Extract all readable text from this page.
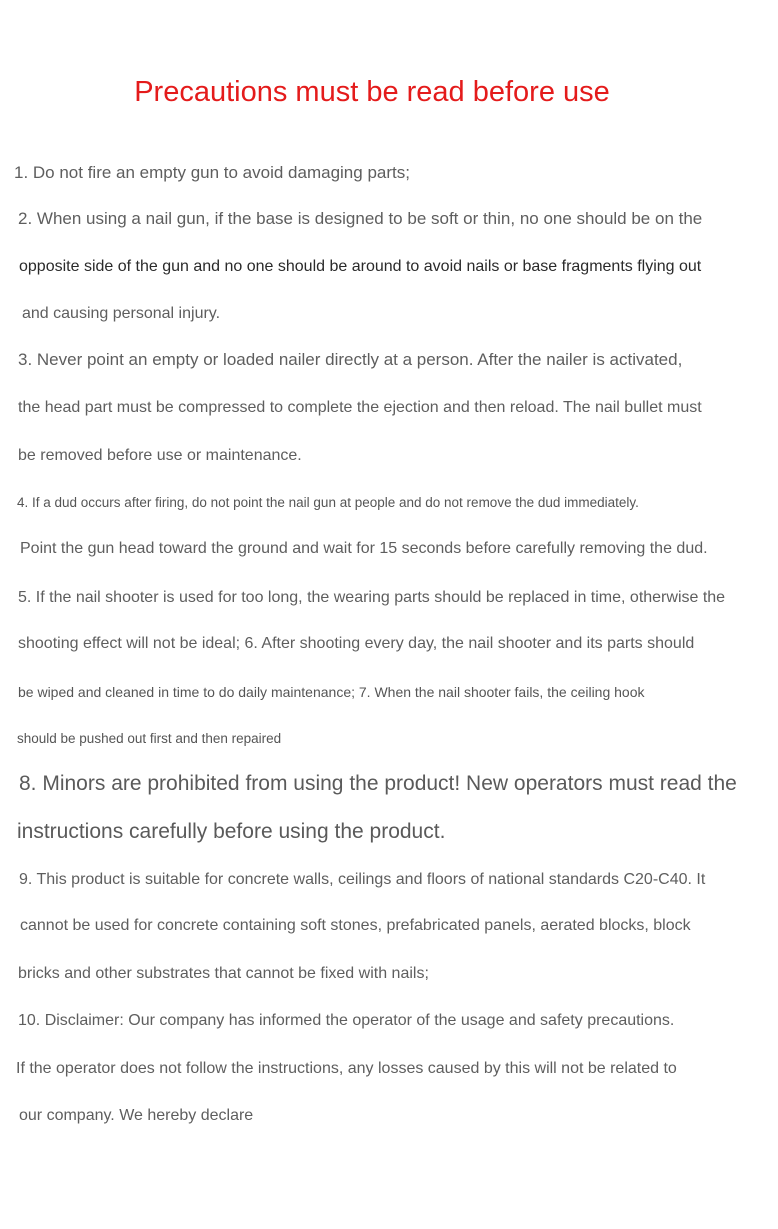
Precautions must be read before use
1. Do not fire an empty gun to avoid damaging parts;
2. When using a nail gun, if the base is designed to be soft or thin, no one should be on the
opposite side of the gun and no one should be around to avoid nails or base fragments flying out
and causing personal injury.
3. Never point an empty or loaded nailer directly at a person. After the nailer is activated,
the head part must be compressed to complete the ejection and then reload. The nail bullet must
be removed before use or maintenance.
4. If a dud occurs after firing, do not point the nail gun at people and do not remove the dud immediately.
Point the gun head toward the ground and wait for 15 seconds before carefully removing the dud.
5. If the nail shooter is used for too long, the wearing parts should be replaced in time, otherwise the
shooting effect will not be ideal; 6. After shooting every day, the nail shooter and its parts should
be wiped and cleaned in time to do daily maintenance; 7. When the nail shooter fails, the ceiling hook
should be pushed out first and then repaired
8. Minors are prohibited from using the product! New operators must read the
instructions carefully before using the product.
9. This product is suitable for concrete walls, ceilings and floors of national standards C20-C40. It
cannot be used for concrete containing soft stones, prefabricated panels, aerated blocks, block
bricks and other substrates that cannot be fixed with nails;
10. Disclaimer: Our company has informed the operator of the usage and safety precautions.
If the operator does not follow the instructions, any losses caused by this will not be related to
our company. We hereby declare
